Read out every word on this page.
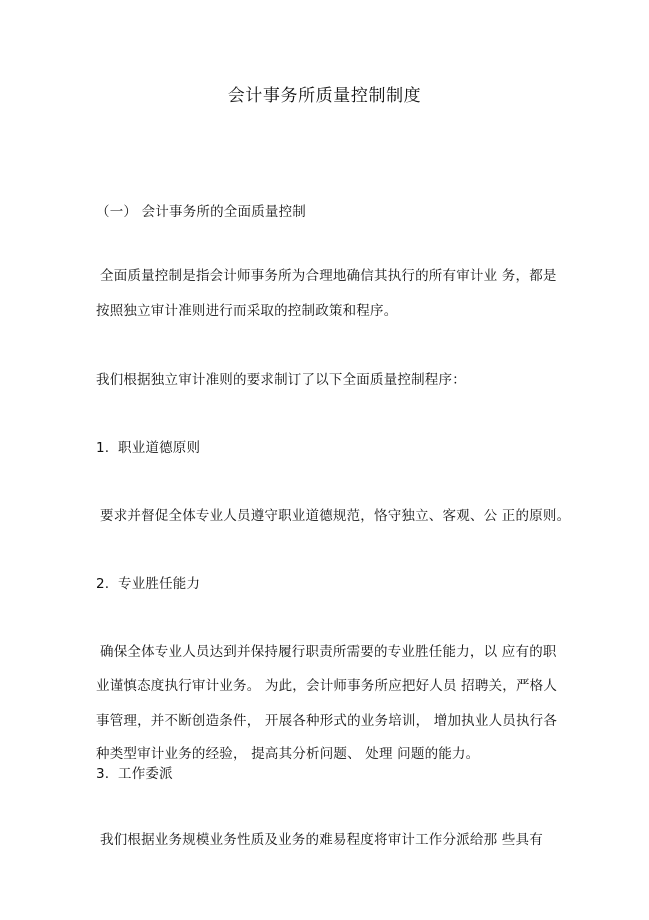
会计事务所质量控制制度
（一） 会计事务所的全面质量控制
全面质量控制是指会计师事务所为合理地确信其执行的所有审计业 务，都是
按照独立审计准则进行而采取的控制政策和程序。
我们根据独立审计准则的要求制订了以下全面质量控制程序：
1. 职业道德原则
要求并督促全体专业人员遵守职业道德规范，恪守独立、客观、公 正的原则。
2. 专业胜任能力
确保全体专业人员达到并保持履行职责所需要的专业胜任能力，以 应有的职
业谨慎态度执行审计业务。 为此，会计师事务所应把好人员 招聘关，严格人
事管理，并不断创造条件， 开展各种形式的业务培训， 增加执业人员执行各
种类型审计业务的经验， 提高其分析问题、 处理 问题的能力。
3. 工作委派
我们根据业务规模业务性质及业务的难易程度将审计工作分派给那 些具有
